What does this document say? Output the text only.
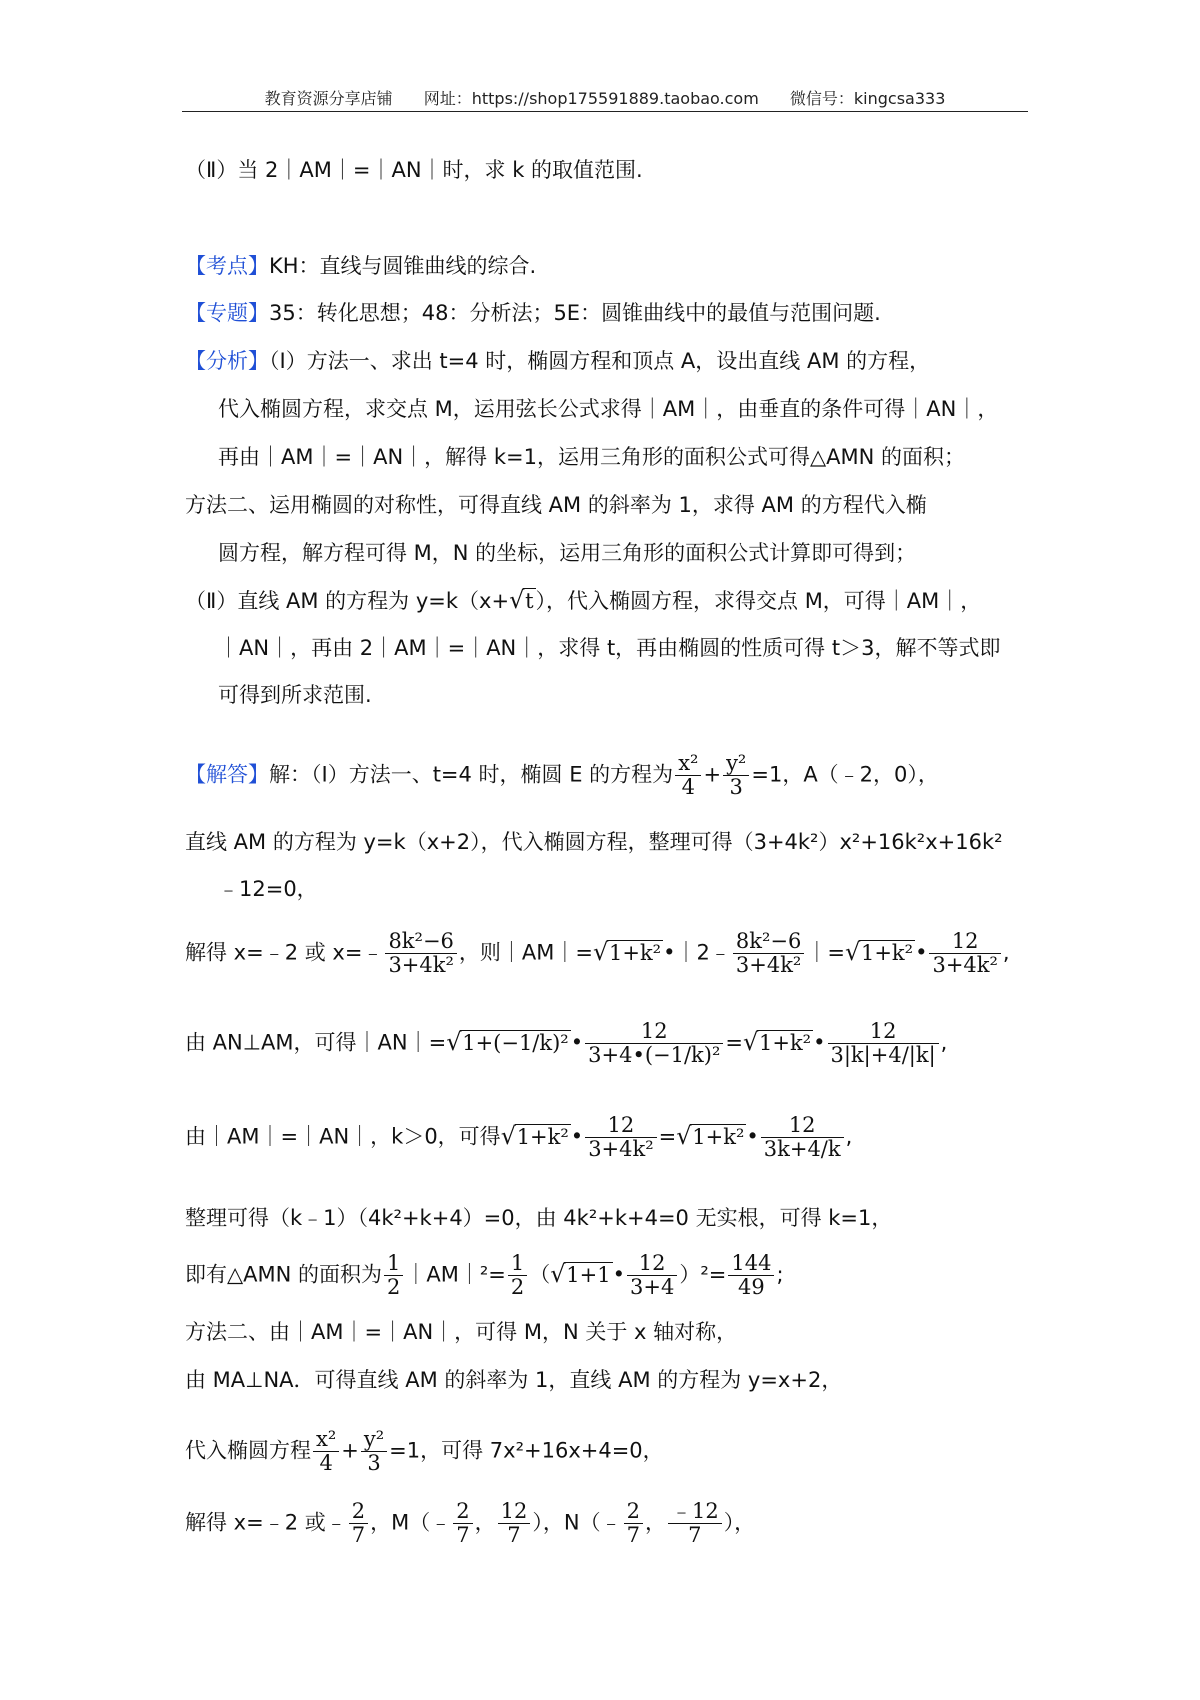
教育资源分享店铺 网址：https://shop175591889.taobao.com 微信号：kingcsa333
（Ⅱ）当 2｜AM｜=｜AN｜时，求 k 的取值范围.
【考点】KH：直线与圆锥曲线的综合.
【专题】35：转化思想；48：分析法；5E：圆锥曲线中的最值与范围问题.
【分析】（Ⅰ）方法一、求出 t=4 时，椭圆方程和顶点 A，设出直线 AM 的方程，
代入椭圆方程，求交点 M，运用弦长公式求得｜AM｜，由垂直的条件可得｜AN｜，
再由｜AM｜=｜AN｜，解得 k=1，运用三角形的面积公式可得△AMN 的面积；
方法二、运用椭圆的对称性，可得直线 AM 的斜率为 1，求得 AM 的方程代入椭
圆方程，解方程可得 M，N 的坐标，运用三角形的面积公式计算即可得到；
（Ⅱ）直线 AM 的方程为 y=k（x+ √ t），代入椭圆方程，求得交点 M，可得｜AM｜，
｜AN｜，再由 2｜AM｜=｜AN｜，求得 t，再由椭圆的性质可得 t＞3，解不等式即
可得到所求范围.
【解答】解：（Ⅰ）方法一、t=4 时，椭圆 E 的方程为 $\frac{\text{x²}}{4} + \frac{\text{y²}}{3} =1$，A（﹣2，0），
直线 AM 的方程为 y=k（x+2），代入椭圆方程，整理可得（3+4k²）x²+16k²x+16k²
﹣12=0，
解得 x=﹣2 或 x=﹣ $\frac{\text{8k²−6}}{\text{3+4k²}}$ ，则｜AM｜= √ 1+k²•｜2﹣ $\frac{\text{8k²−6}}{\text{3+4k²}}$ ｜= √ 1+k²• $\frac{12}{\text{3+4k²}}$ ,
由 AN⊥AM，可得｜AN｜= √ 1+(−1/k)²• $\frac{12}{\text{3+4•(−1/k)²}}$ = √ 1+k²• $\frac{12}{3|k|+4/|k|}$ ,
由｜AM｜=｜AN｜，k＞0，可得 √ 1+k²• $\frac{12}{\text{3+4k²}}$ = √ 1+k²• $\frac{12}{3k+4/k}$ ,
整理可得（k﹣1）（4k²+k+4）=0，由 4k²+k+4=0 无实根，可得 k=1，
即有△AMN 的面积为 $\frac{1}{2}$ ｜AM｜²= $\frac{1}{2}$ （ √ 1+1• $\frac{12}{3+4} )^2= \frac{144}{49}$ ;
方法二、由｜AM｜=｜AN｜，可得 M，N 关于 x 轴对称，
由 MA⊥NA．可得直线 AM 的斜率为 1，直线 AM 的方程为 y=x+2，
代入椭圆方程 $\frac{\text{x²}}{4} + \frac{\text{y²}}{3} =1$，可得 7x²+16x+4=0，
解得 x=﹣2 或﹣ $\frac{2}{7}$ ，M（﹣ $\frac{2}{7}$ ， $\frac{12}{7}$ ），N（﹣ $\frac{2}{7}$ ， $\frac{﹣12}{7}$ ），
